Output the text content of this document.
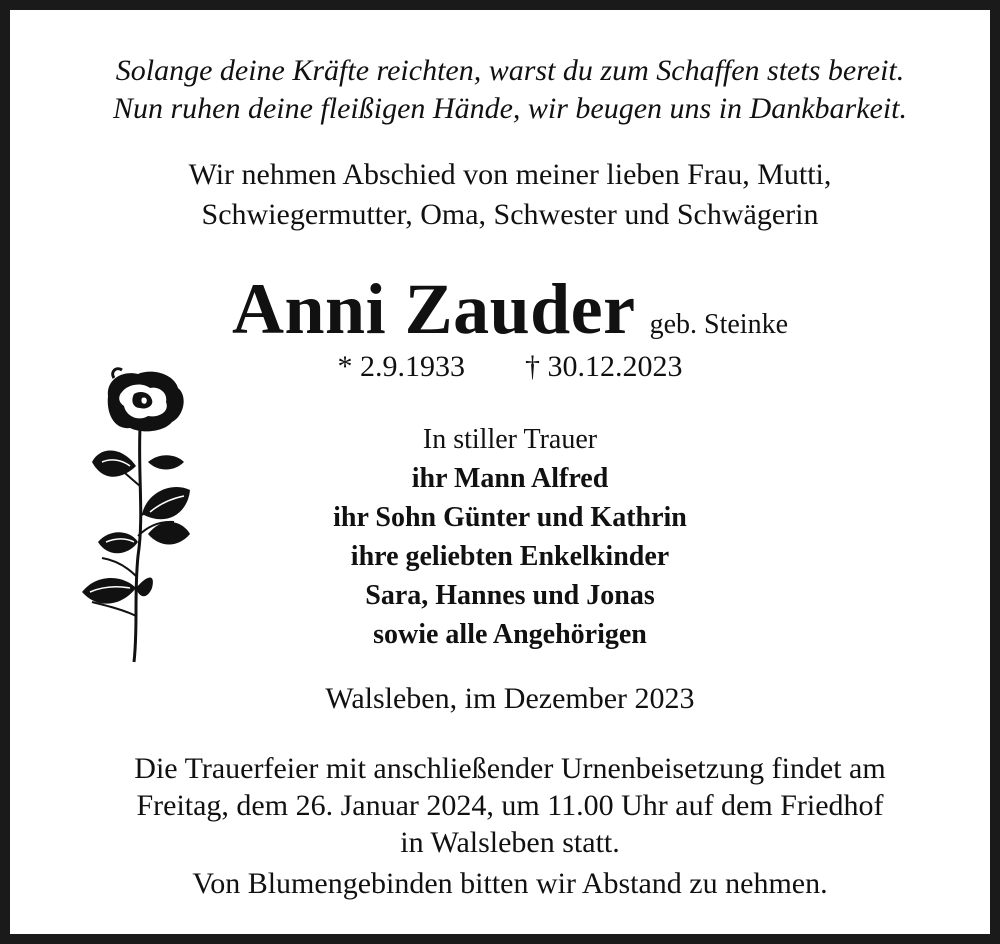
Solange deine Kräfte reichten, warst du zum Schaffen stets bereit.
Nun ruhen deine fleißigen Hände, wir beugen uns in Dankbarkeit.
Wir nehmen Abschied von meiner lieben Frau, Mutti,
Schwiegermutter, Oma, Schwester und Schwägerin
Anni Zauder geb. Steinke
* 2.9.1933 † 30.12.2023
In stiller Trauer
ihr Mann Alfred
ihr Sohn Günter und Kathrin
ihre geliebten Enkelkinder
Sara, Hannes und Jonas
sowie alle Angehörigen
Walsleben, im Dezember 2023
Die Trauerfeier mit anschließender Urnenbeisetzung findet am
Freitag, dem 26. Januar 2024, um 11.00 Uhr auf dem Friedhof
in Walsleben statt.
Von Blumengebinden bitten wir Abstand zu nehmen.
